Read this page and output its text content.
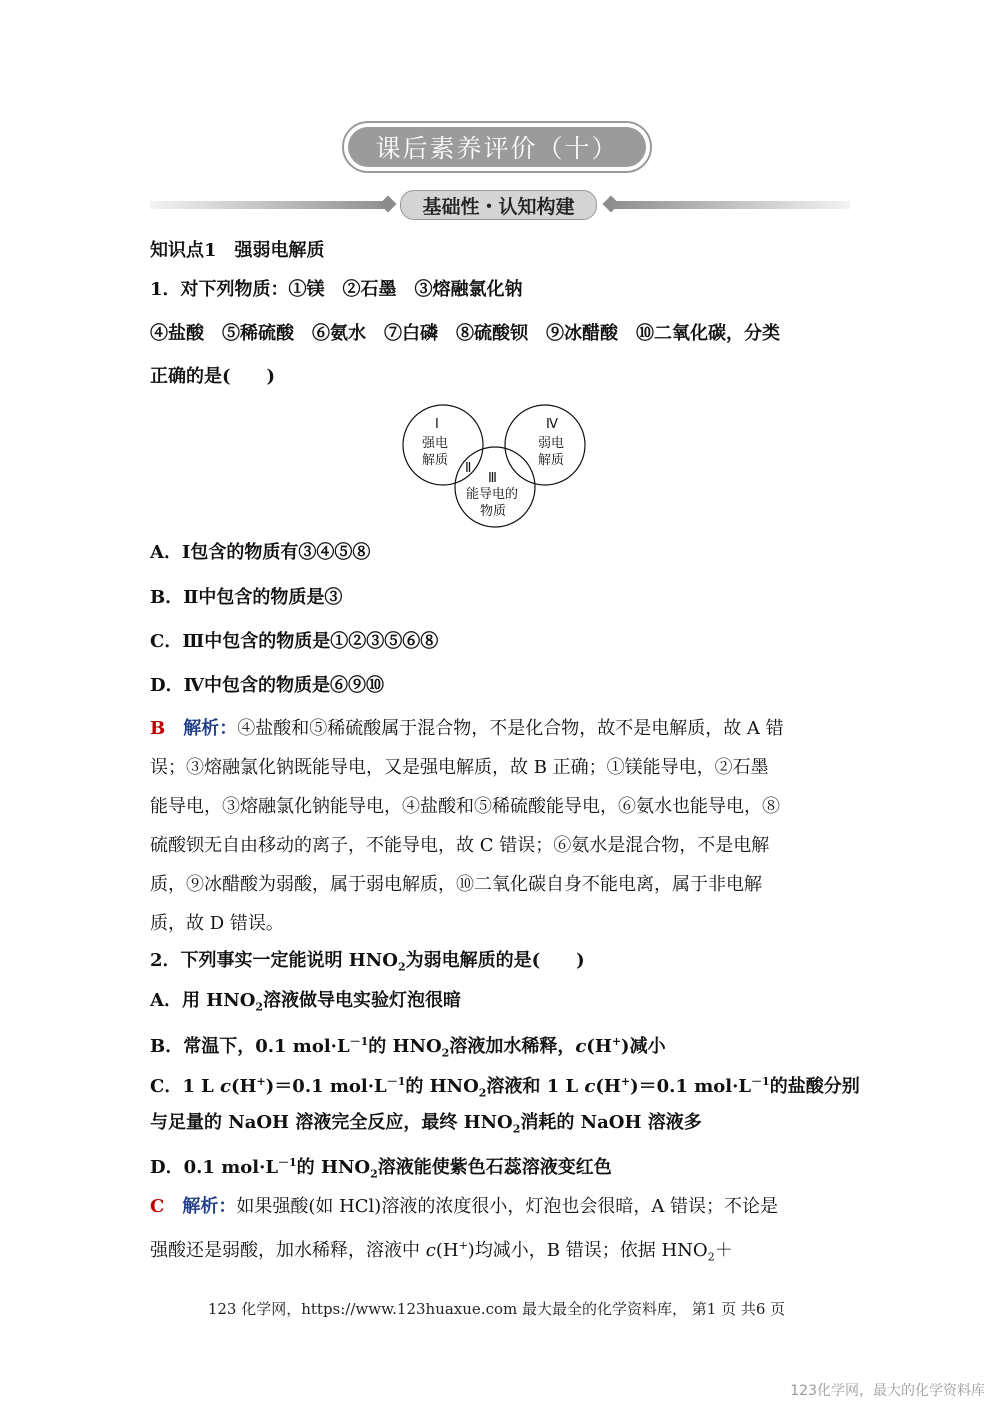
课后素养评价（十）
基础性・认知构建
知识点1　强弱电解质
1．对下列物质：①镁　②石墨　③熔融氯化钠
④盐酸　⑤稀硫酸　⑥氨水　⑦白磷　⑧硫酸钡　⑨冰醋酸　⑩二氧化碳，分类
正确的是(　　)
Ⅰ
强电
解质
Ⅳ
弱电
解质
Ⅱ
Ⅲ
能导电的
物质
A．Ⅰ包含的物质有③④⑤⑧
B．Ⅱ中包含的物质是③
C．Ⅲ中包含的物质是①②③⑤⑥⑧
D．Ⅳ中包含的物质是⑥⑨⑩
B　 解析：④盐酸和⑤稀硫酸属于混合物，不是化合物，故不是电解质，故 A 错
误；③熔融氯化钠既能导电，又是强电解质，故 B 正确；①镁能导电，②石墨
能导电，③熔融氯化钠能导电，④盐酸和⑤稀硫酸能导电，⑥氨水也能导电，⑧
硫酸钡无自由移动的离子，不能导电，故 C 错误；⑥氨水是混合物，不是电解
质，⑨冰醋酸为弱酸，属于弱电解质，⑩二氧化碳自身不能电离，属于非电解
质，故 D 错误。
2．下列事实一定能说明 $HNO_2$为弱电解质的是(　　)
A．用 $HNO_2$溶液做导电实验灯泡很暗
B．常温下，0.1 $mol\cdot L^{-1}$的 $HNO_2$溶液加水稀释，c(H+)减小
C．1 L c(H+)＝0.1 $mol\cdot L^{-1}$的 $HNO_2$溶液和 1 L c(H+)＝0.1 $mol\cdot L^{-1}$的盐酸分别
与足量的 NaOH 溶液完全反应，最终 $HNO_2$消耗的 NaOH 溶液多
D．0.1 $mol\cdot L^{-1}$的 $HNO_2$溶液能使紫色石蕊溶液变红色
C　 解析：如果强酸(如 HCl)溶液的浓度很小，灯泡也会很暗，A 错误；不论是
强酸还是弱酸，加水稀释，溶液中 c(H+)均减小，B 错误；依据 $HNO_2+$
123 化学网，https://www.123huaxue.com 最大最全的化学资料库， 第1 页 共6 页
123化学网，最大的化学资料库
